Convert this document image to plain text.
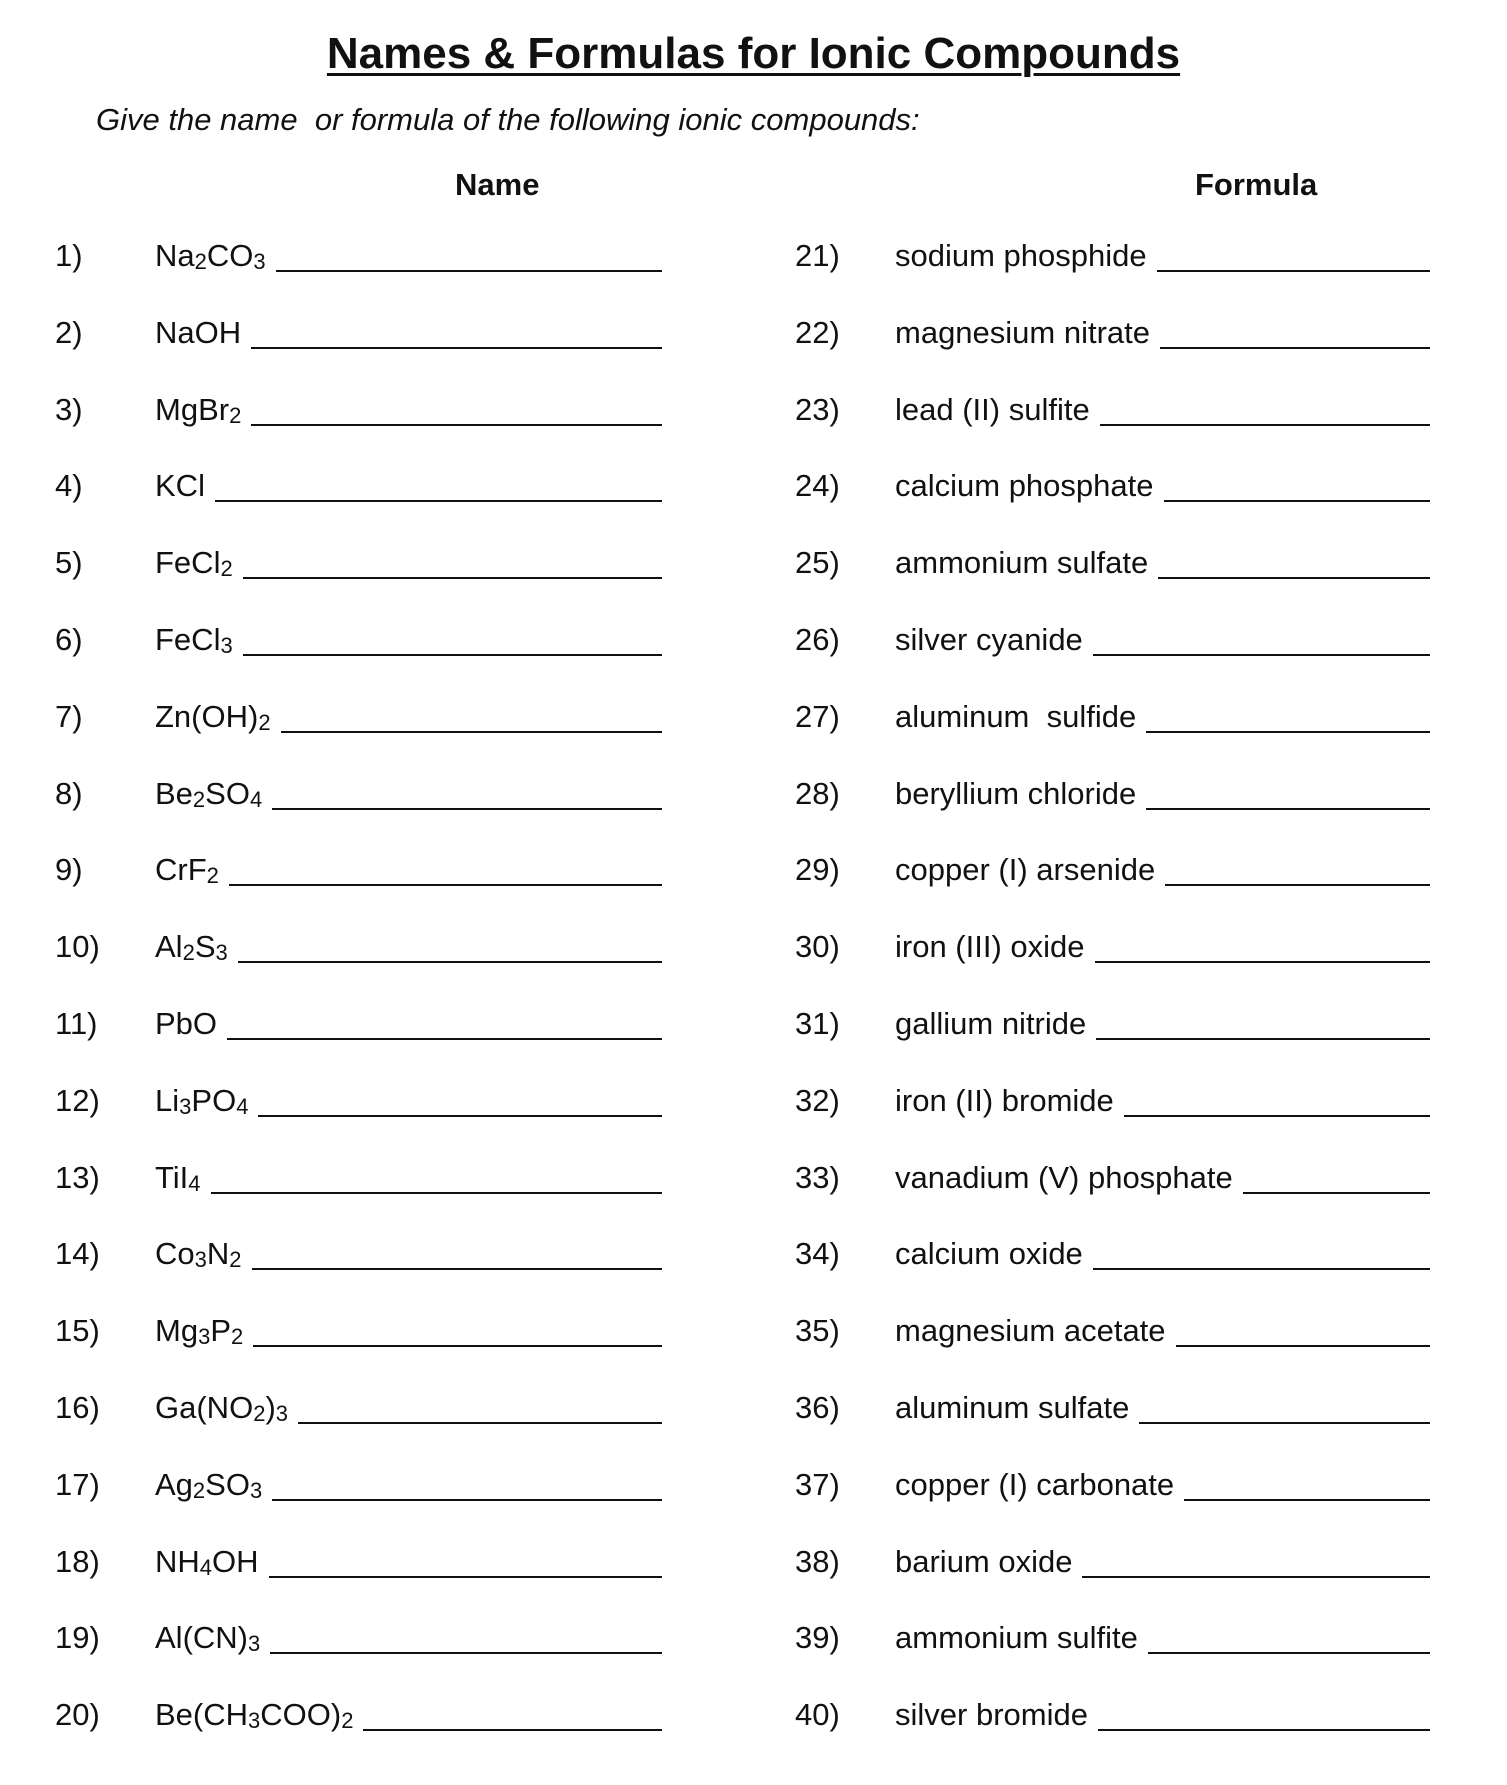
Names & Formulas for Ionic Compounds
Give the name  or formula of the following ionic compounds:
Name	Formula
1)	$Na_2CO_3$
2)	NaOH
3)	MgBr$_2$
4)	KCl
5)	FeCl$_2$
6)	FeCl$_3$
7)	$Zn(OH)_2$
8)	$Be_2SO_4$
9)	CrF$_2$
10)	$Al_2S_3$
11)	PbO
12)	$Li_3PO_4$
13)	TiI$_4$
14)	$Co_3N_2$
15)	$Mg_3P_2$
16)	$Ga(NO_2)_3$
17)	$Ag_2SO_3$
18)	$NH_4OH$
19)	$Al(CN)_3$
20)	$Be(CH_3COO)_2$
21)	sodium phosphide
22)	magnesium nitrate
23)	lead (II) sulfite
24)	calcium phosphate
25)	ammonium sulfate
26)	silver cyanide
27)	aluminum  sulfide
28)	beryllium chloride
29)	copper (I) arsenide
30)	iron (III) oxide
31)	gallium nitride
32)	iron (II) bromide
33)	vanadium (V) phosphate
34)	calcium oxide
35)	magnesium acetate
36)	aluminum sulfate
37)	copper (I) carbonate
38)	barium oxide
39)	ammonium sulfite
40)	silver bromide
